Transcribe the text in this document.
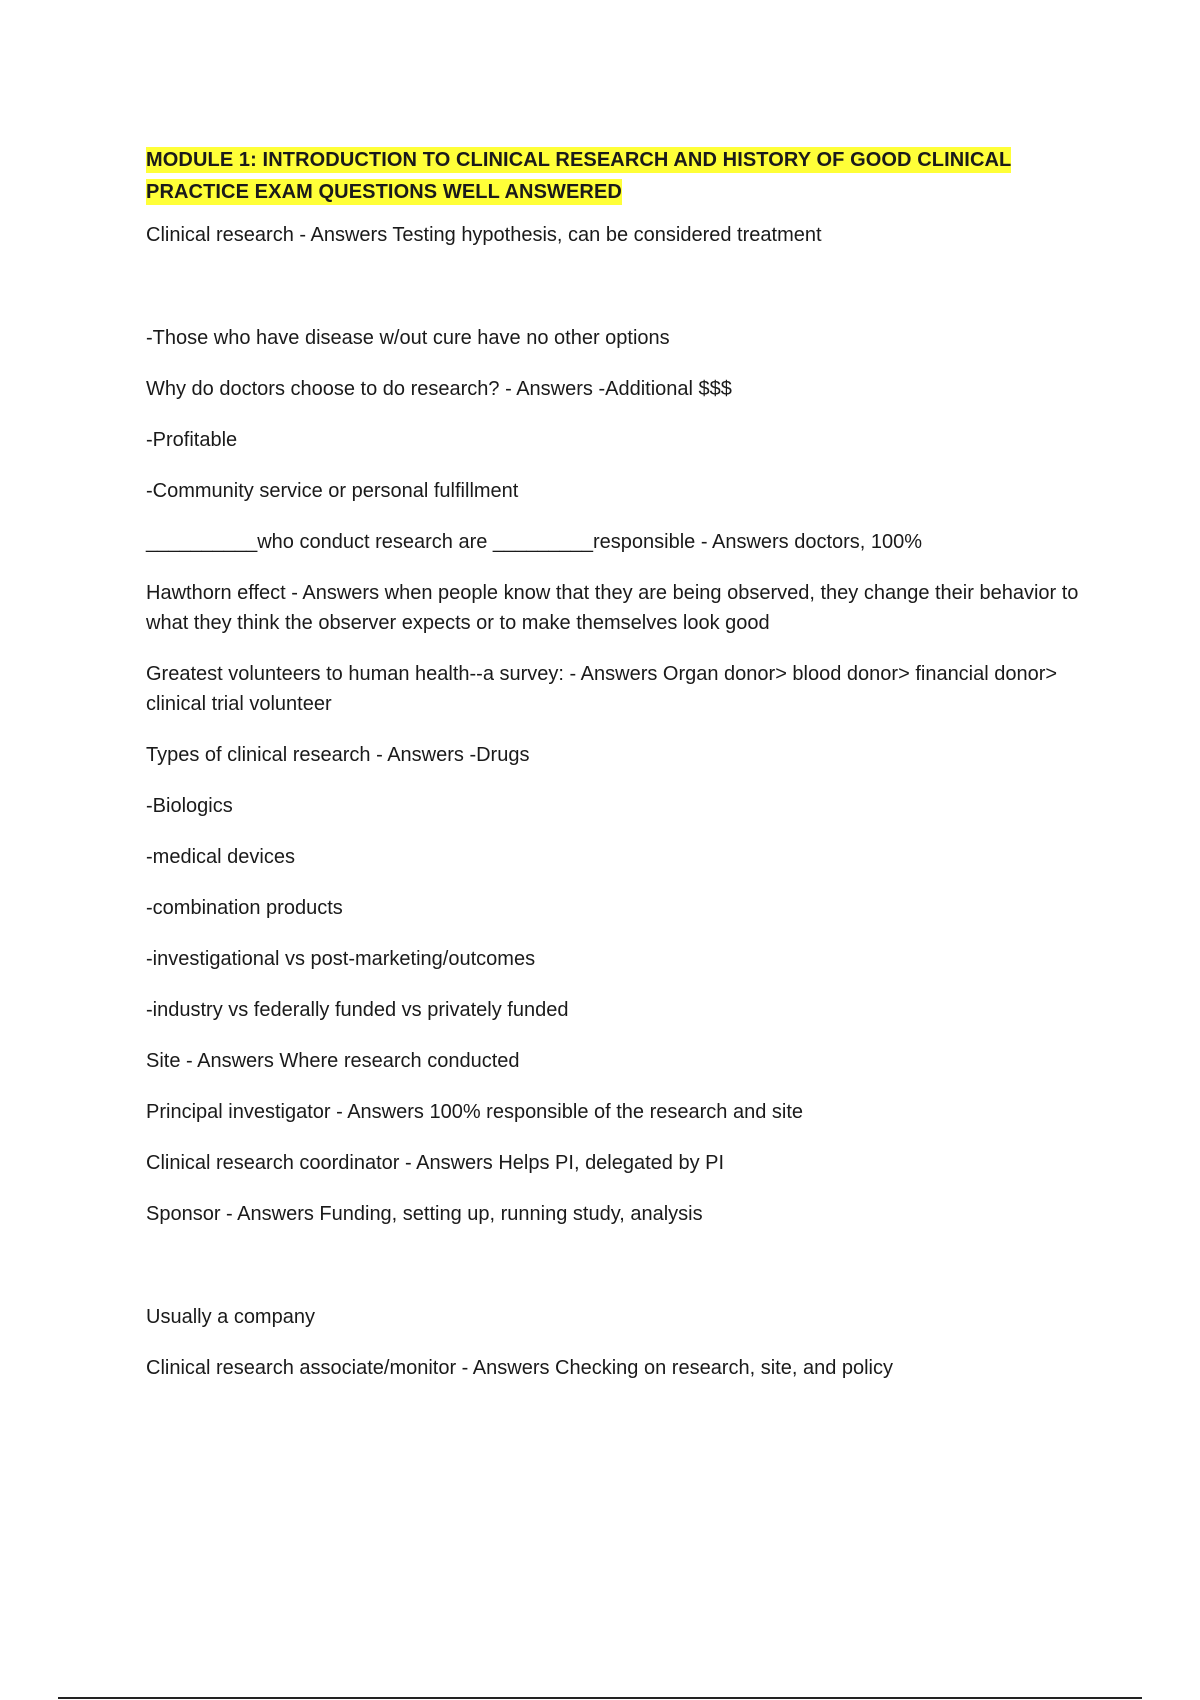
MODULE 1: INTRODUCTION TO CLINICAL RESEARCH AND HISTORY OF GOOD CLINICAL PRACTICE EXAM QUESTIONS WELL ANSWERED

Clinical research - Answers Testing hypothesis, can be considered treatment

-Those who have disease w/out cure have no other options

Why do doctors choose to do research? - Answers -Additional $$$

-Profitable

-Community service or personal fulfillment

__________who conduct research are _________responsible - Answers doctors, 100%

Hawthorn effect - Answers when people know that they are being observed, they change their behavior to what they think the observer expects or to make themselves look good

Greatest volunteers to human health--a survey: - Answers Organ donor> blood donor> financial donor> clinical trial volunteer

Types of clinical research - Answers -Drugs

-Biologics

-medical devices

-combination products

-investigational vs post-marketing/outcomes

-industry vs federally funded vs privately funded

Site - Answers Where research conducted

Principal investigator - Answers 100% responsible of the research and site

Clinical research coordinator - Answers Helps PI, delegated by PI

Sponsor - Answers Funding, setting up, running study, analysis

Usually a company

Clinical research associate/monitor - Answers Checking on research, site, and policy
